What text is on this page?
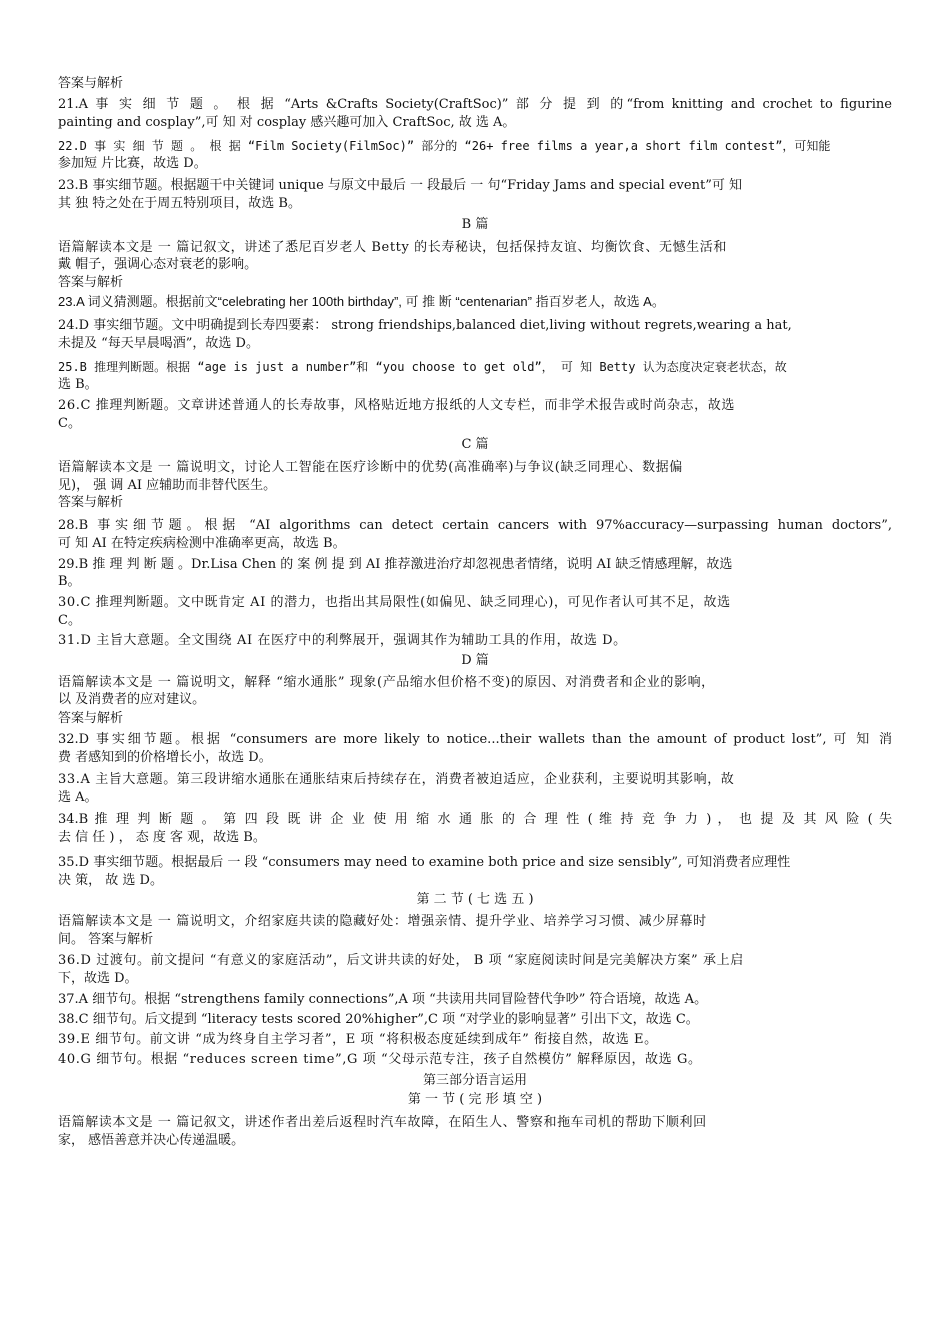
答案与解析
21.A 事 实 细 节 题 。 根 据 “Arts &Crafts Society(CraftSoc)” 部 分 提 到 的“from knitting and crochet to figurine
painting and cosplay”,可 知 对 cosplay 感兴趣可加入 CraftSoc, 故 选 A。
22.D 事 实 细 节 题 。 根 据 “Film Society(FilmSoc)” 部分的 “26+ free films a year,a short film contest”，可知能
参加短 片比赛，故选 D。
23.B 事实细节题。根据题干中关键词 unique 与原文中最后 一 段最后 一 句“Friday Jams and special event”可 知
其 独 特之处在于周五特别项目，故选 B。
B 篇
语篇解读本文是 一 篇记叙文，讲述了悉尼百岁老人 Betty 的长寿秘诀，包括保持友谊、均衡饮食、无憾生活和
戴 帽子，强调心态对衰老的影响。
答案与解析
23.A 词义猜测题。根据前文“celebrating her 100th birthday”, 可 推 断 “centenarian” 指百岁老人，故选 A。
24.D 事实细节题。文中明确提到长寿四要素： strong friendships,balanced diet,living without regrets,wearing a hat,
未提及 “每天早晨喝酒”，故选 D。
25.B 推理判断题。根据 “age is just a number”和 “you choose to get old”， 可 知 Betty 认为态度决定衰老状态，故
选 B。
26.C 推理判断题。文章讲述普通人的长寿故事，风格贴近地方报纸的人文专栏，而非学术报告或时尚杂志，故选
C。
C 篇
语篇解读本文是 一 篇说明文，讨论人工智能在医疗诊断中的优势(高准确率)与争议(缺乏同理心、数据偏
见)， 强 调 AI 应辅助而非替代医生。
答案与解析
28.B 事实细节题。根据 “AI algorithms can detect certain cancers with 97%accuracy—surpassing human doctors”,
可 知 AI 在特定疾病检测中准确率更高，故选 B。
29.B 推 理 判 断 题 。Dr.Lisa Chen 的 案 例 提 到 AI 推荐激进治疗却忽视患者情绪，说明 AI 缺乏情感理解，故选
B。
30.C 推理判断题。文中既肯定 AI 的潜力，也指出其局限性(如偏见、缺乏同理心)，可见作者认可其不足，故选
C。
31.D 主旨大意题。全文围绕 AI 在医疗中的利弊展开，强调其作为辅助工具的作用，故选 D。
D 篇
语篇解读本文是 一 篇说明文，解释 “缩水通胀” 现象(产品缩水但价格不变)的原因、对消费者和企业的影响，
以 及消费者的应对建议。
答案与解析
32.D 事实细节题。根据 “consumers are more likely to notice...their wallets than the amount of product lost”, 可 知 消
费 者感知到的价格增长小，故选 D。
33.A 主旨大意题。第三段讲缩水通胀在通胀结束后持续存在，消费者被迫适应，企业获利，主要说明其影响，故
选 A。
34.B 推 理 判 断 题 。 第 四 段 既 讲 企 业 使 用 缩 水 通 胀 的 合 理 性 ( 维 持 竞 争 力 ) ， 也 提 及 其 风 险 ( 失
去 信 任 ) ， 态 度 客 观，故选 B。
35.D 事实细节题。根据最后 一 段 “consumers may need to examine both price and size sensibly”, 可知消费者应理性
决 策， 故 选 D。
第 二 节 ( 七 选 五 )
语篇解读本文是 一 篇说明文，介绍家庭共读的隐藏好处：增强亲情、提升学业、培养学习习惯、减少屏幕时
间。 答案与解析
36.D 过渡句。前文提问 “有意义的家庭活动”，后文讲共读的好处， B 项 “家庭阅读时间是完美解决方案” 承上启
下，故选 D。
37.A 细节句。根据 “strengthens family connections”,A 项 “共读用共同冒险替代争吵” 符合语境，故选 A。
38.C 细节句。后文提到 “literacy tests scored 20%higher”,C 项 “对学业的影响显著” 引出下文，故选 C。
39.E 细节句。前文讲 “成为终身自主学习者”，E 项 “将积极态度延续到成年” 衔接自然，故选 E。
40.G 细节句。根据 “reduces screen time”,G 项 “父母示范专注，孩子自然模仿” 解释原因，故选 G。
第三部分语言运用
第 一 节 ( 完 形 填 空 )
语篇解读本文是 一 篇记叙文，讲述作者出差后返程时汽车故障，在陌生人、警察和拖车司机的帮助下顺利回
家， 感悟善意并决心传递温暖。
